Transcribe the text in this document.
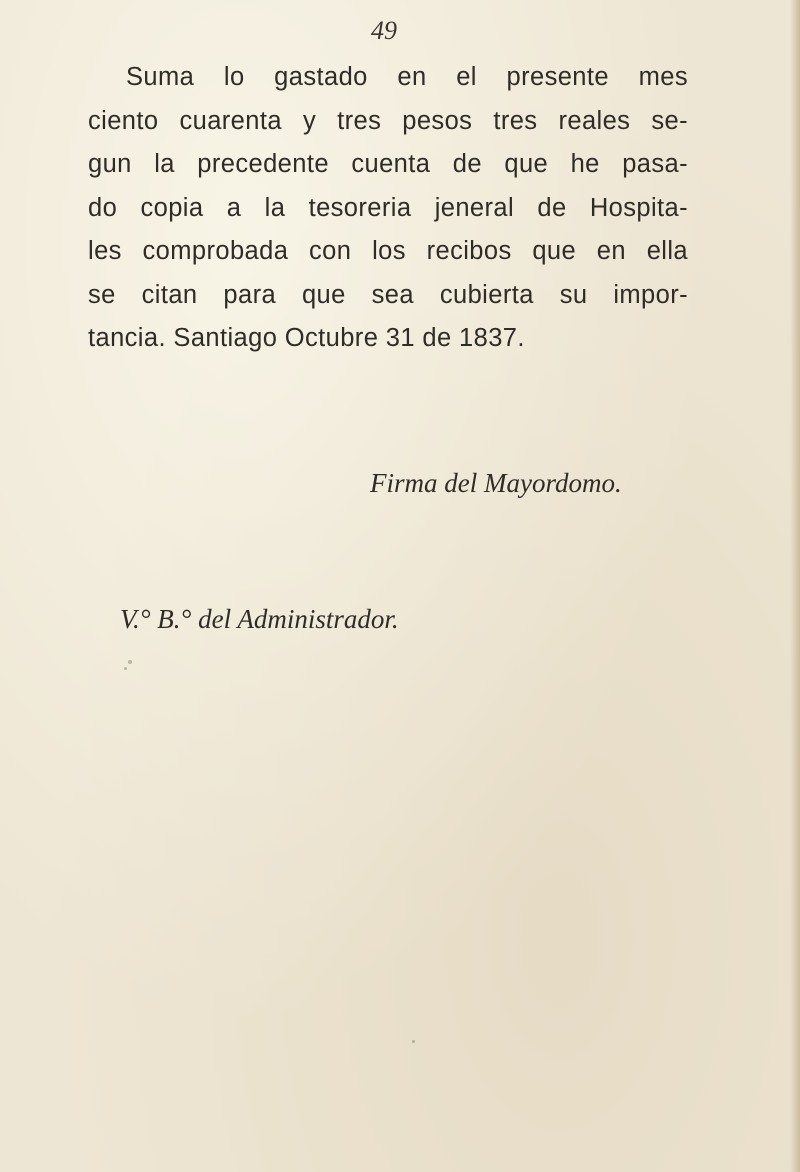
49
Suma lo gastado en el presente mes
ciento cuarenta y tres pesos tres reales se-
gun la precedente cuenta de que he pasa-
do copia a la tesoreria jeneral de Hospita-
les comprobada con los recibos que en ella
se citan para que sea cubierta su impor-
tancia. Santiago Octubre 31 de 1837.
Firma del Mayordomo.
V.° B.° del Administrador.
